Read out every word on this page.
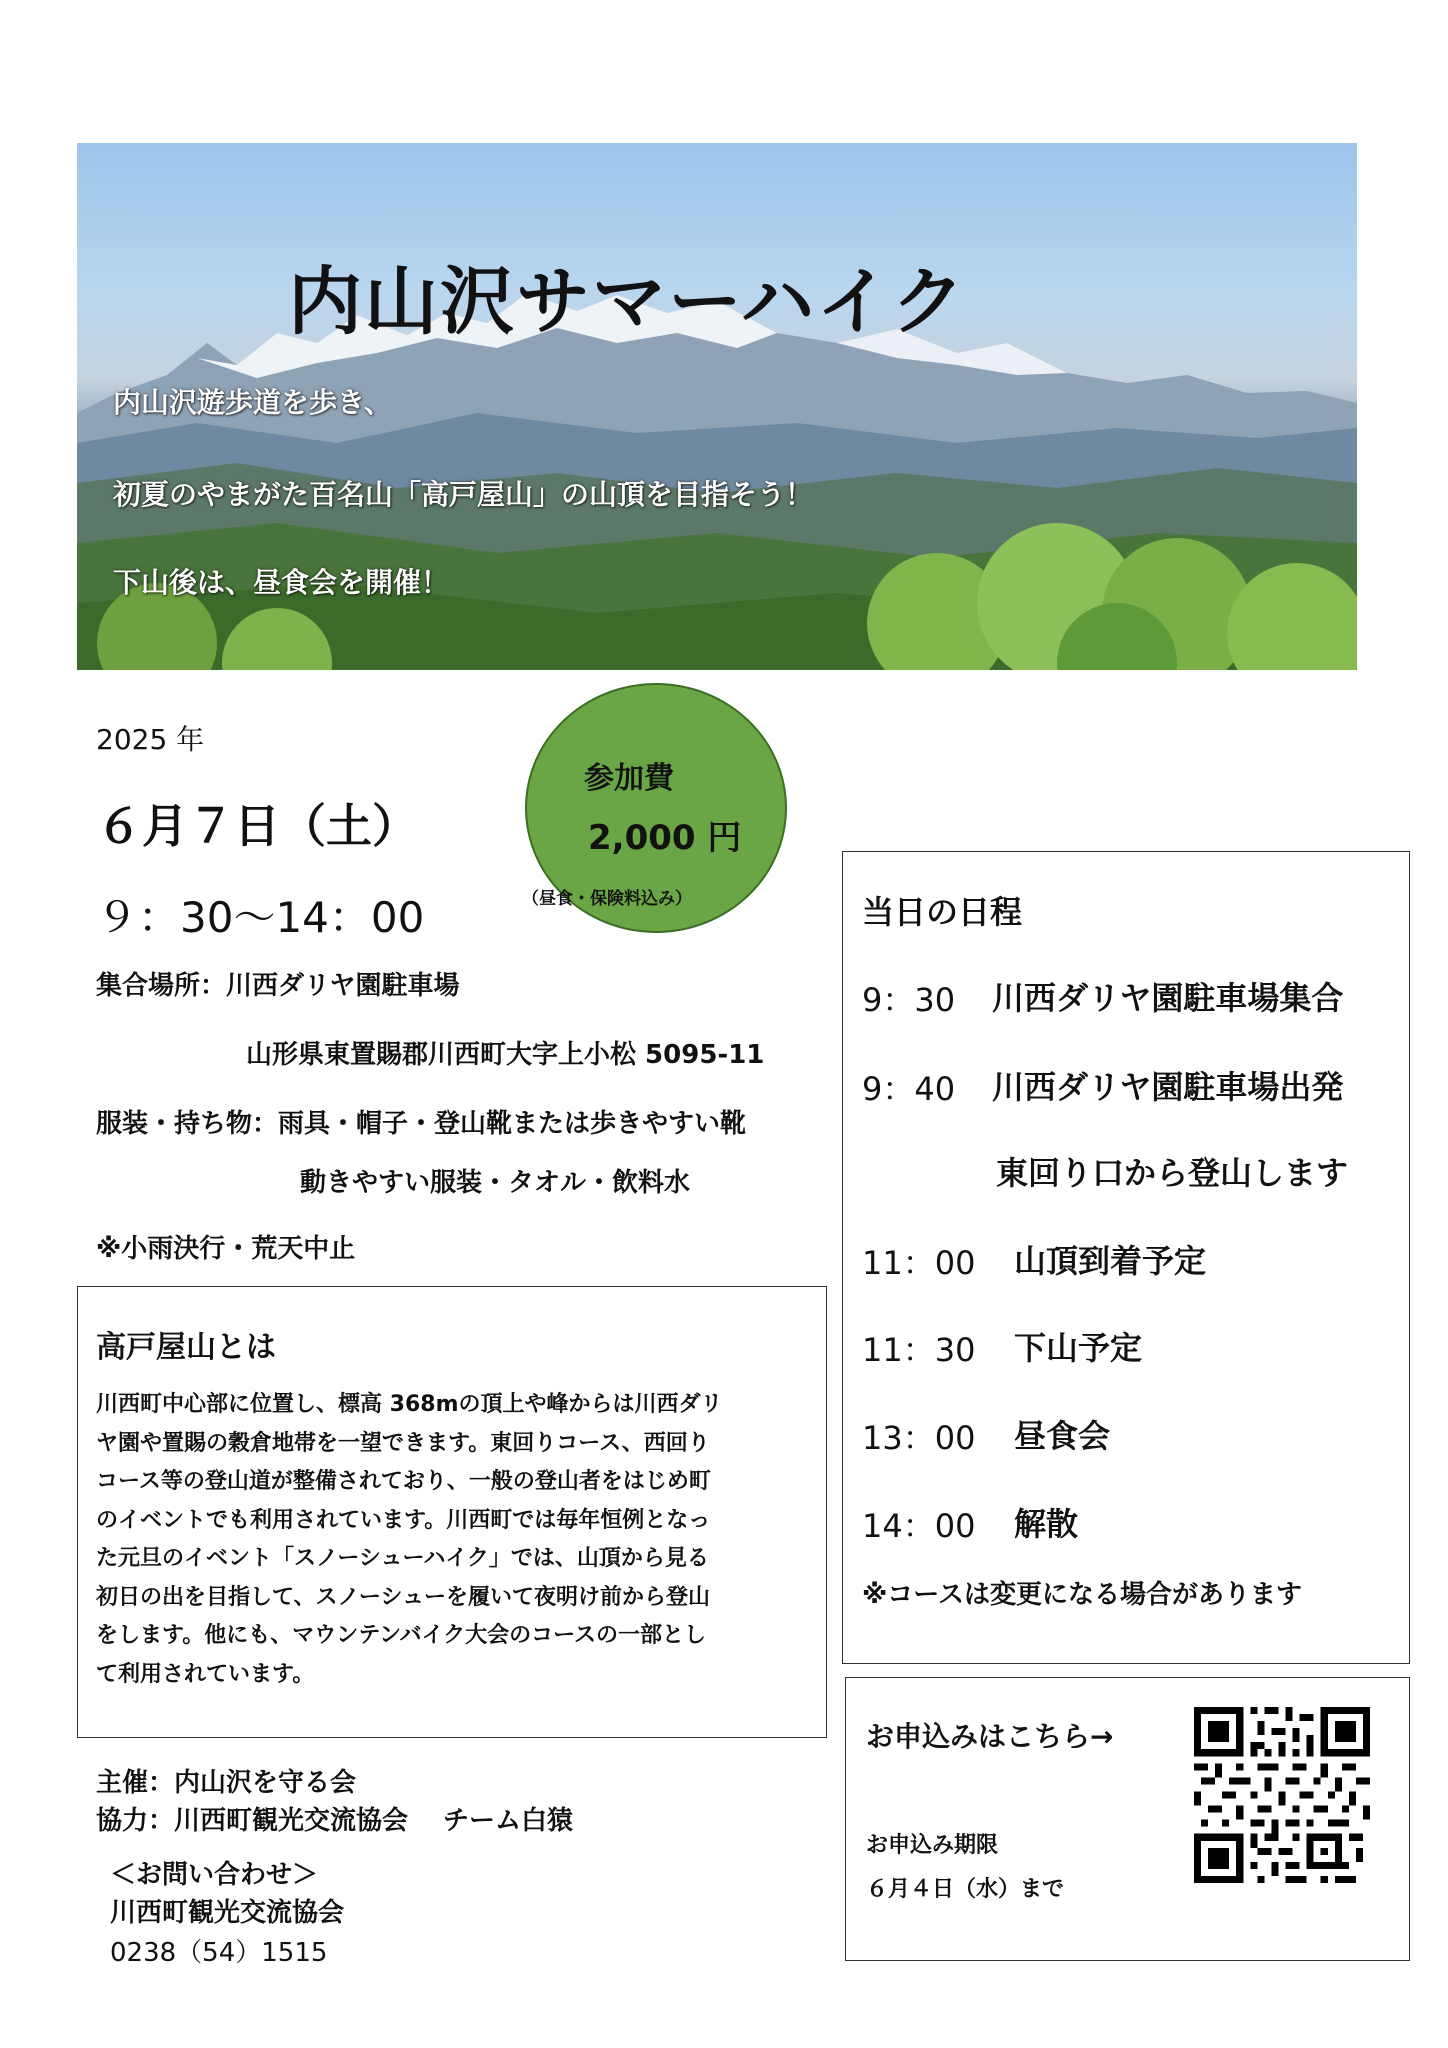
内山沢サマーハイク
内山沢遊歩道を歩き、
初夏のやまがた百名山「高戸屋山」の山頂を目指そう！
下山後は、昼食会を開催！
2025 年
６月７日（土）
９：30〜14：00
集合場所：川西ダリヤ園駐車場
山形県東置賜郡川西町大字上小松 5095-11
服装・持ち物：雨具・帽子・登山靴または歩きやすい靴
動きやすい服装・タオル・飲料水
※小雨決行・荒天中止
参加費
2,000 円
（昼食・保険料込み）
高戸屋山とは
川西町中心部に位置し、標高 368mの頂上や峰からは川西ダリ
ヤ園や置賜の穀倉地帯を一望できます。東回りコース、西回り
コース等の登山道が整備されており、一般の登山者をはじめ町
のイベントでも利用されています。川西町では毎年恒例となっ
た元旦のイベント「スノーシューハイク」では、山頂から見る
初日の出を目指して、スノーシューを履いて夜明け前から登山
をします。他にも、マウンテンバイク大会のコースの一部とし
て利用されています。
主催：内山沢を守る会
協力：川西町観光交流協会　 チーム白猿
＜お問い合わせ＞
川西町観光交流協会
0238（54）1515
当日の日程
9：30 川西ダリヤ園駐車場集合
9：40 川西ダリヤ園駐車場出発
東回り口から登山します
11：00 山頂到着予定
11：30 下山予定
13：00 昼食会
14：00 解散
※コースは変更になる場合があります
お申込みはこちら→
お申込み期限
６月４日（水）まで
